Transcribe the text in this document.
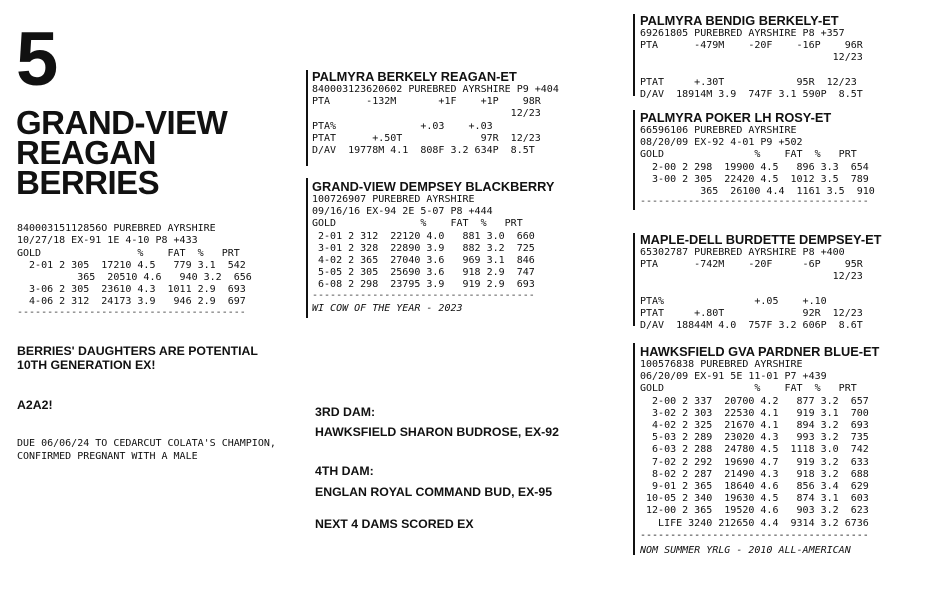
5
GRAND-VIEW
REAGAN
BERRIES

84000315112856O PUREBRED AYRSHIRE
10/27/18 EX-91 1E 4-10 P8 +433
GOLD                %    FAT  %   PRT
2-01 2 305  17210 4.5   779 3.1  542
365  20510 4.6   940 3.2  656
3-06 2 305  23610 4.3  1011 2.9  693
4-06 2 312  24173 3.9   946 2.9  697
--------------------------------------

BERRIES' DAUGHTERS ARE POTENTIAL 10TH GENERATION EX!
A2A2!
DUE 06/06/24 TO CEDARCUT COLATA'S CHAMPION, CONFIRMED PREGNANT WITH A MALE
PALMYRA BERKELY REAGAN-ET
840003123620602 PUREBRED AYRSHIRE P9 +404
PTA      -132M       +1F    +1P    98R
12/23
PTA%              +.03    +.03
PTAT      +.50T             97R  12/23
D/AV  19778M 4.1  808F 3.2 634P  8.5T
GRAND-VIEW DEMPSEY BLACKBERRY
100726907 PUREBRED AYRSHIRE
09/16/16 EX-94 2E 5-07 P8 +444
GOLD              %    FAT  %   PRT
2-01 2 312  22120 4.0   881 3.0  660
3-01 2 328  22890 3.9   882 3.2  725
4-02 2 365  27040 3.6   969 3.1  846
5-05 2 305  25690 3.6   918 2.9  747
6-08 2 298  23795 3.9   919 2.9  693
-------------------------------------
WI COW OF THE YEAR - 2023
3RD DAM:
HAWKSFIELD SHARON BUDROSE, EX-92
4TH DAM:
ENGLAN ROYAL COMMAND BUD, EX-95
NEXT 4 DAMS SCORED EX
PALMYRA BENDIG BERKELY-ET
69261805 PUREBRED AYRSHIRE P8 +357
PTA      -479M    -20F    -16P    96R
12/23
PTAT     +.30T            95R  12/23
D/AV  18914M 3.9  747F 3.1 590P  8.5T
PALMYRA POKER LH ROSY-ET
66596106 PUREBRED AYRSHIRE
08/20/09 EX-92 4-01 P9 +502
GOLD               %    FAT  %   PRT
2-00 2 298  19900 4.5   896 3.3  654
3-00 2 305  22420 4.5  1012 3.5  789
365  26100 4.4  1161 3.5  910
--------------------------------------
MAPLE-DELL BURDETTE DEMPSEY-ET
65302787 PUREBRED AYRSHIRE P8 +400
PTA      -742M    -20F     -6P    95R
12/23
PTA%               +.05    +.10
PTAT     +.80T             92R  12/23
D/AV  18844M 4.0  757F 3.2 606P  8.6T
HAWKSFIELD GVA PARDNER BLUE-ET
100576838 PUREBRED AYRSHIRE
06/20/09 EX-91 5E 11-01 P7 +439
GOLD               %    FAT  %   PRT
2-00 2 337  20700 4.2   877 3.2  657
3-02 2 303  22530 4.1   919 3.1  700
4-02 2 325  21670 4.1   894 3.2  693
5-03 2 289  23020 4.3   993 3.2  735
6-03 2 288  24780 4.5  1118 3.0  742
7-02 2 292  19690 4.7   919 3.2  633
8-02 2 287  21490 4.3   918 3.2  688
9-01 2 365  18640 4.6   856 3.4  629
10-05 2 340  19630 4.5   874 3.1  603
12-00 2 365  19520 4.6   903 3.2  623
LIFE 3240 212650 4.4  9314 3.2 6736
--------------------------------------
NOM SUMMER YRLG - 2010 ALL-AMERICAN
